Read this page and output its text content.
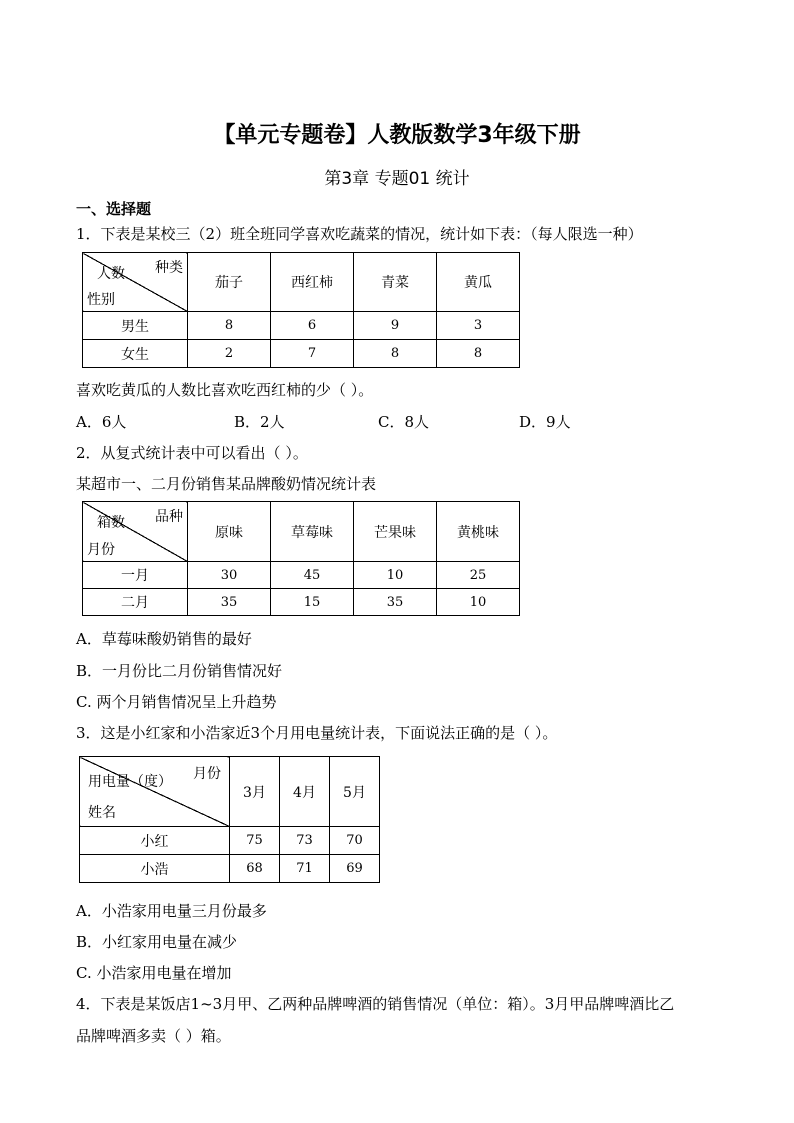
【单元专题卷】人教版数学3年级下册
第3章 专题01 统计
一、选择题
1．下表是某校三（2）班全班同学喜欢吃蔬菜的情况，统计如下表：（每人限选一种）
种类
人数
性别	茄子	西红柿	青菜	黄瓜
男生	8	6	9	3
女生	2	7	8	8
喜欢吃黄瓜的人数比喜欢吃西红柿的少（ ）。
A．6人	B．2人	C．8人	D．9人
2．从复式统计表中可以看出（ ）。
某超市一、二月份销售某品牌酸奶情况统计表
品种
箱数
月份	原味	草莓味	芒果味	黄桃味
一月	30	45	10	25
二月	35	15	35	10
A．草莓味酸奶销售的最好
B．一月份比二月份销售情况好
C. 两个月销售情况呈上升趋势
3．这是小红家和小浩家近3个月用电量统计表，下面说法正确的是（ ）。
月份
用电量（度）
姓名	3月	4月	5月
小红	75	73	70
小浩	68	71	69
A．小浩家用电量三月份最多
B．小红家用电量在减少
C. 小浩家用电量在增加
4．下表是某饭店1~3月甲、乙两种品牌啤酒的销售情况（单位：箱）。3月甲品牌啤酒比乙
品牌啤酒多卖（ ）箱。
